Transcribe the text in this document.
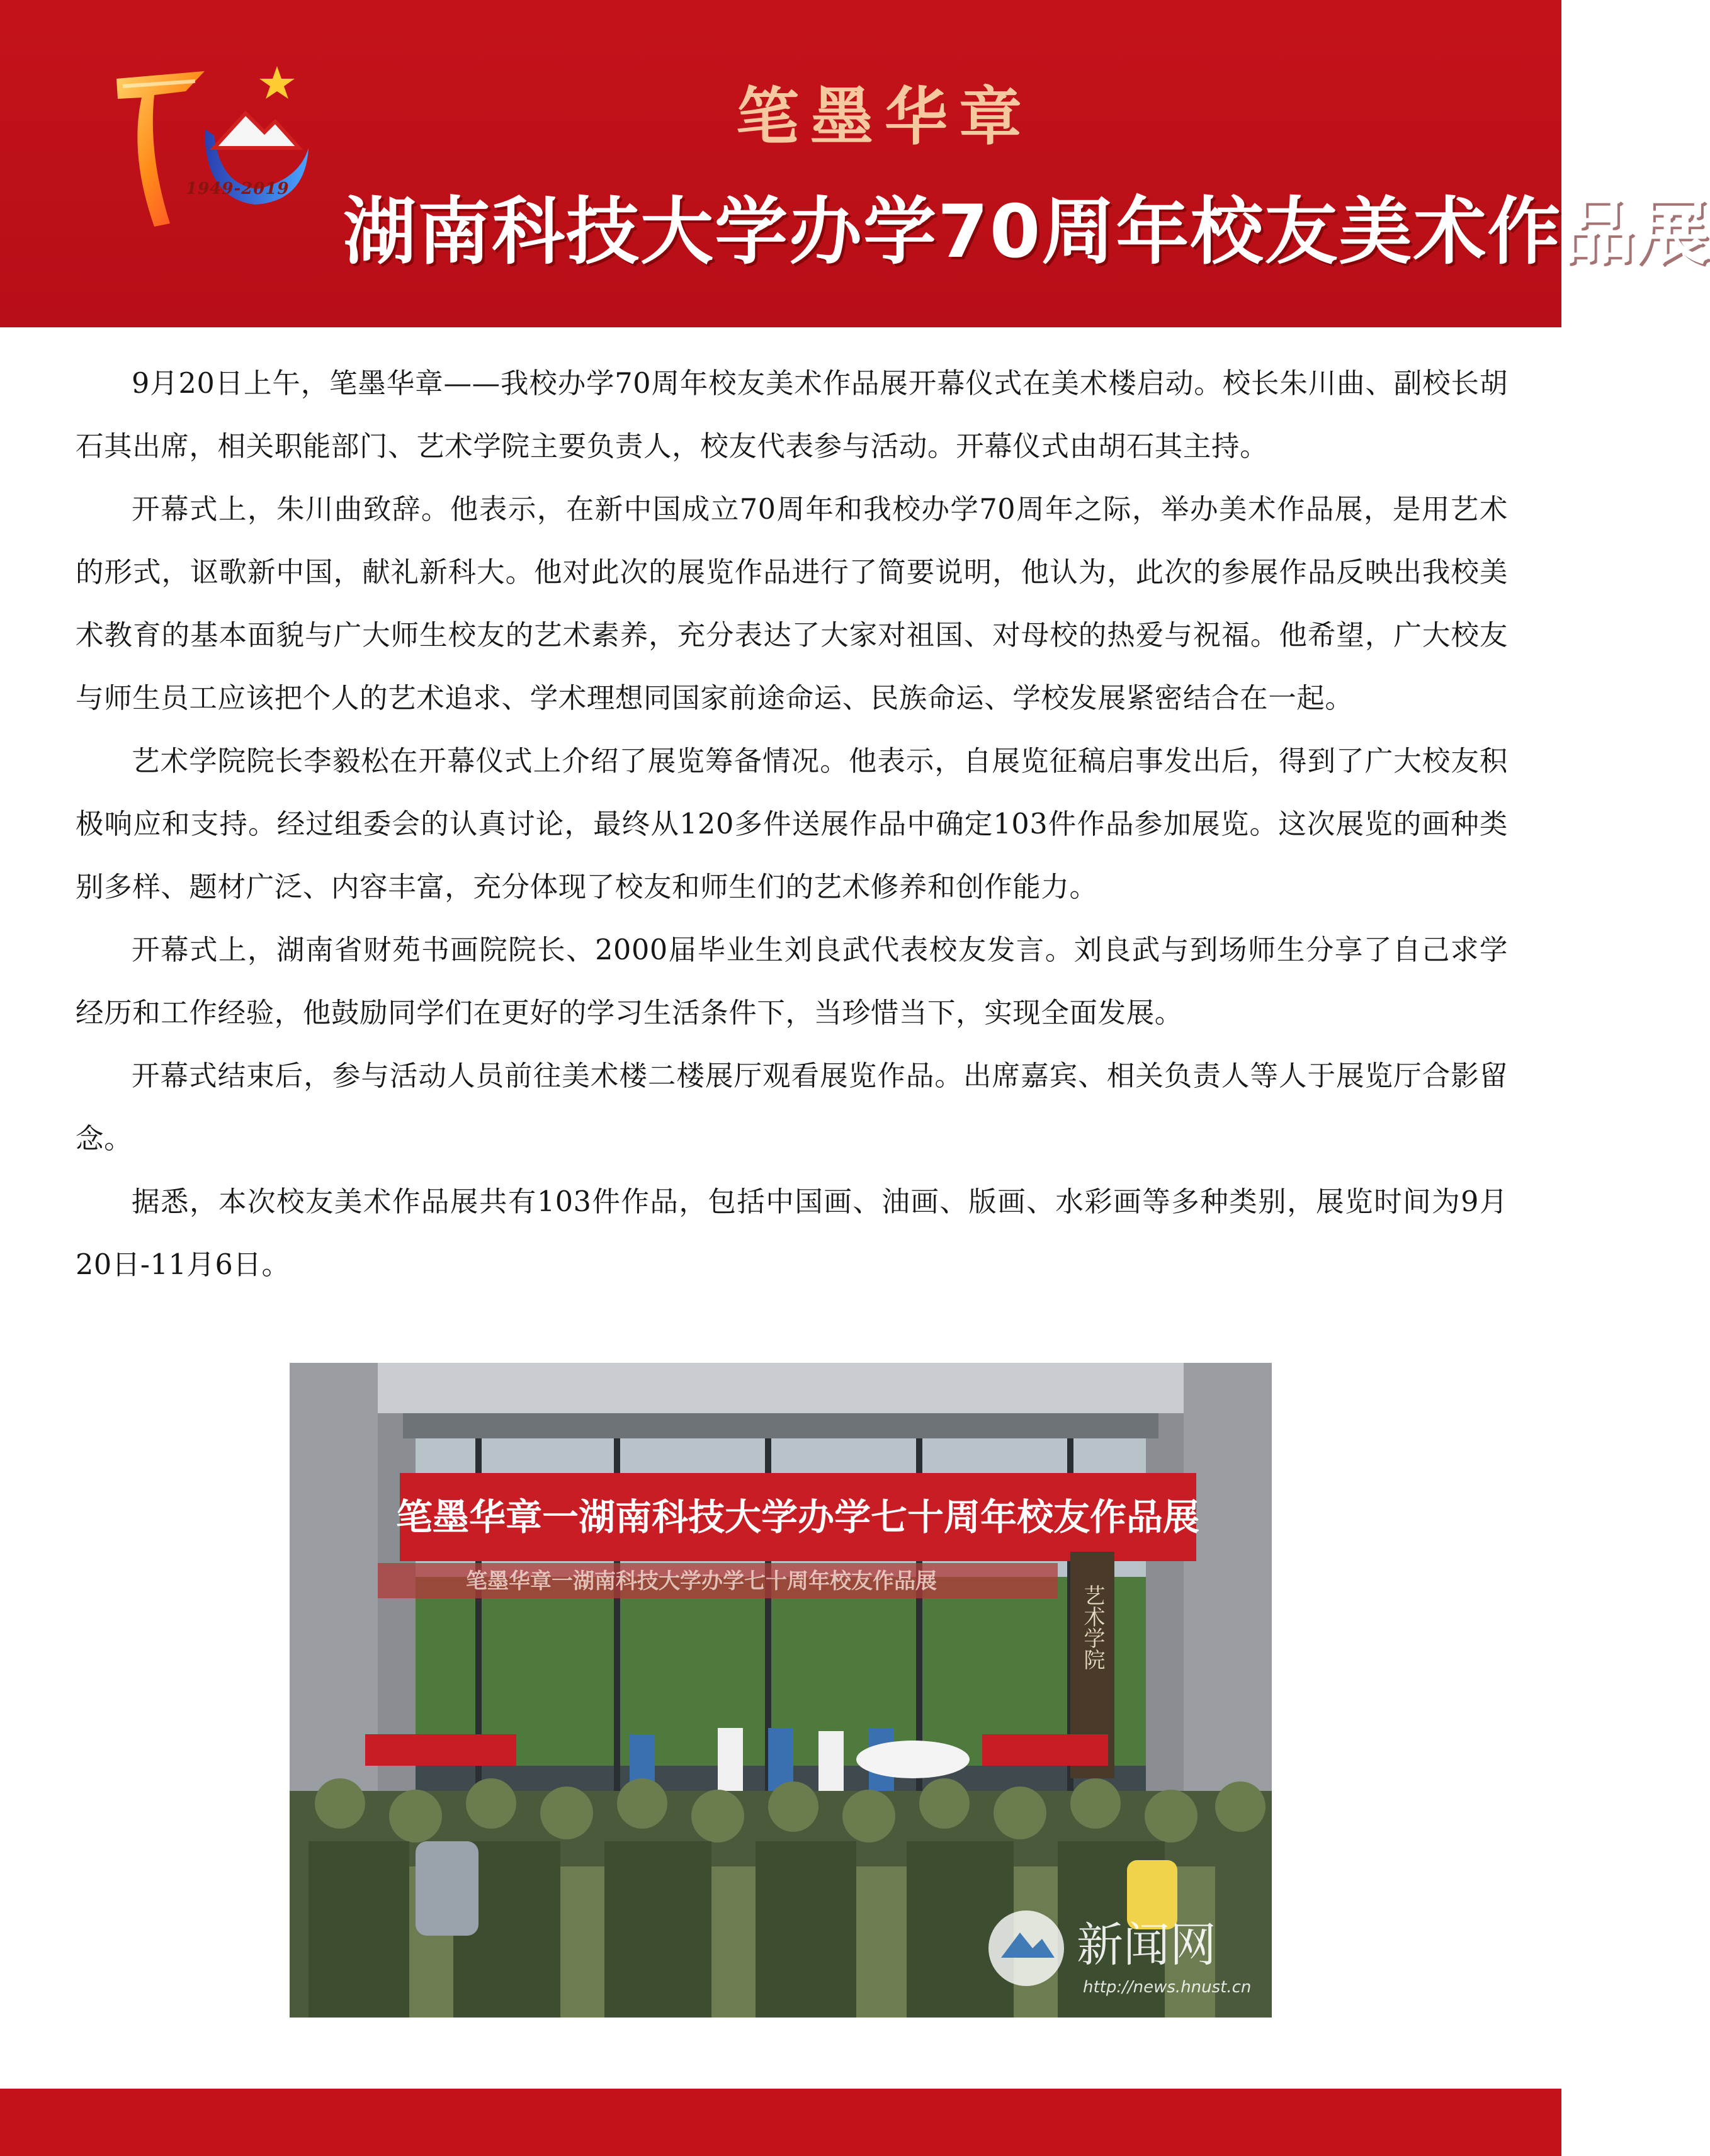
1949-2019
笔墨华章
湖南科技大学办学70周年校友美术作品展

9月20日上午，笔墨华章——我校办学70周年校友美术作品展开幕仪式在美术楼启动。校长朱川曲、副校长胡石其出席，相关职能部门、艺术学院主要负责人，校友代表参与活动。开幕仪式由胡石其主持。

开幕式上，朱川曲致辞。他表示，在新中国成立70周年和我校办学70周年之际，举办美术作品展，是用艺术的形式，讴歌新中国，献礼新科大。他对此次的展览作品进行了简要说明，他认为，此次的参展作品反映出我校美术教育的基本面貌与广大师生校友的艺术素养，充分表达了大家对祖国、对母校的热爱与祝福。他希望，广大校友与师生员工应该把个人的艺术追求、学术理想同国家前途命运、民族命运、学校发展紧密结合在一起。

艺术学院院长李毅松在开幕仪式上介绍了展览筹备情况。他表示，自展览征稿启事发出后，得到了广大校友积极响应和支持。经过组委会的认真讨论，最终从120多件送展作品中确定103件作品参加展览。这次展览的画种类别多样、题材广泛、内容丰富，充分体现了校友和师生们的艺术修养和创作能力。

开幕式上，湖南省财苑书画院院长、2000届毕业生刘良武代表校友发言。刘良武与到场师生分享了自己求学经历和工作经验，他鼓励同学们在更好的学习生活条件下，当珍惜当下，实现全面发展。

开幕式结束后，参与活动人员前往美术楼二楼展厅观看展览作品。出席嘉宾、相关负责人等人于展览厅合影留念。

据悉，本次校友美术作品展共有103件作品，包括中国画、油画、版画、水彩画等多种类别，展览时间为9月20日-11月6日。

笔墨华章一湖南科技大学办学七十周年校友作品展
笔墨华章一湖南科技大学办学七十周年校友作品展
艺术学院
新闻网
http://news.hnust.cn
